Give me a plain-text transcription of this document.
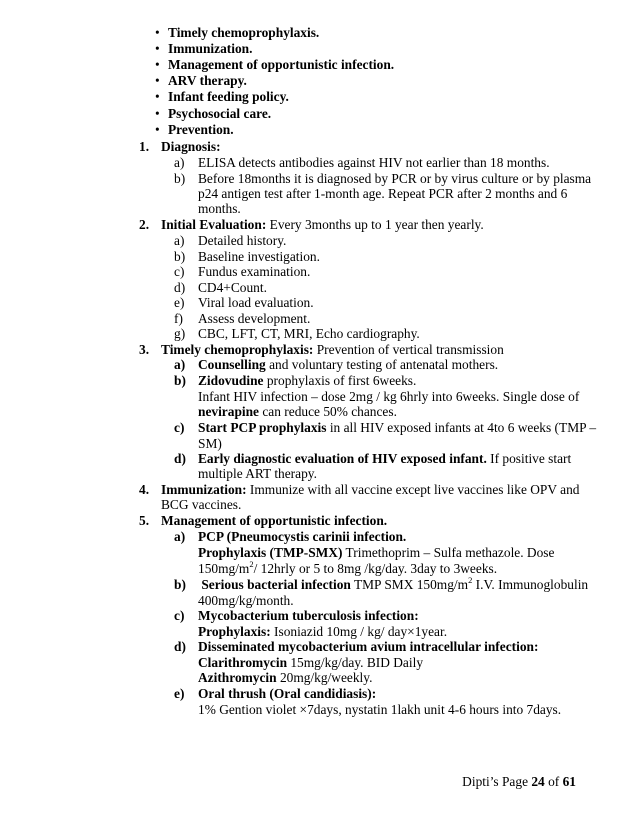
• Timely chemoprophylaxis.
• Immunization.
• Management of opportunistic infection.
• ARV therapy.
• Infant feeding policy.
• Psychosocial care.
• Prevention.
1. Diagnosis:
a) ELISA detects antibodies against HIV not earlier than 18 months.
b) Before 18months it is diagnosed by PCR or by virus culture or by plasma
p24 antigen test after 1-month age. Repeat PCR after 2 months and 6
months.
2. Initial Evaluation: Every 3months up to 1 year then yearly.
a) Detailed history.
b) Baseline investigation.
c) Fundus examination.
d) CD4+Count.
e) Viral load evaluation.
f) Assess development.
g) CBC, LFT, CT, MRI, Echo cardiography.
3. Timely chemoprophylaxis: Prevention of vertical transmission
a) Counselling and voluntary testing of antenatal mothers.
b) Zidovudine prophylaxis of first 6weeks.
Infant HIV infection – dose 2mg / kg 6hrly into 6weeks. Single dose of
nevirapine can reduce 50% chances.
c) Start PCP prophylaxis in all HIV exposed infants at 4to 6 weeks (TMP –
SM)
d) Early diagnostic evaluation of HIV exposed infant. If positive start
multiple ART therapy.
4. Immunization: Immunize with all vaccine except live vaccines like OPV and
BCG vaccines.
5. Management of opportunistic infection.
a) PCP (Pneumocystis carinii infection.
Prophylaxis (TMP-SMX) Trimethoprim – Sulfa methazole. Dose
$150mg/m^2/$ 12hrly or 5 to 8mg /kg/day. 3day to 3weeks.
b) Serious bacterial infection TMP SMX $150mg/m^2$ I.V. Immunoglobulin
400mg/kg/month.
c) Mycobacterium tuberculosis infection:
Prophylaxis: Isoniazid 10mg / kg/ day×1year.
d) Disseminated mycobacterium avium intracellular infection:
Clarithromycin 15mg/kg/day. BID Daily
Azithromycin 20mg/kg/weekly.
e) Oral thrush (Oral candidiasis):
1% Gention violet ×7days, nystatin 1lakh unit 4-6 hours into 7days.
Dipti’s Page 24 of 61
